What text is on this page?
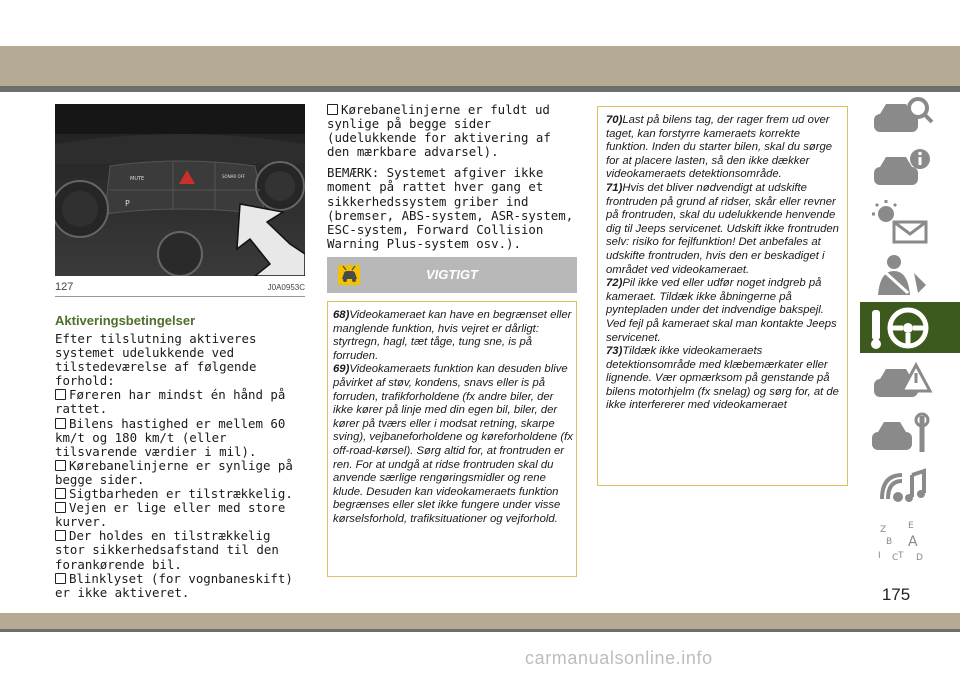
MUTE
P
SONAR OFF
127	J0A0953C
Aktiveringsbetingelser
Efter tilslutning aktiveres systemet udelukkende ved tilstedeværelse af følgende forhold:
Føreren har mindst én hånd på rattet.
Bilens hastighed er mellem 60 km/t og 180 km/t (eller tilsvarende værdier i mil).
Kørebanelinjerne er synlige på begge sider.
Sigtbarheden er tilstrækkelig.
Vejen er lige eller med store kurver.
Der holdes en tilstrækkelig stor sikkerhedsafstand til den forankørende bil.
Blinklyset (for vognbaneskift) er ikke aktiveret.
Kørebanelinjerne er fuldt ud synlige på begge sider (udelukkende for aktivering af den mærkbare advarsel).
BEMÆRK: Systemet afgiver ikke moment på rattet hver gang et sikkerhedssystem griber ind (bremser, ABS-system, ASR-system, ESC-system, Forward Collision Warning Plus-system osv.).
VIGTIGT
68)Videokameraet kan have en begrænset eller manglende funktion, hvis vejret er dårligt: styrtregn, hagl, tæt tåge, tung sne, is på forruden.
69)Videokameraets funktion kan desuden blive påvirket af støv, kondens, snavs eller is på forruden, trafikforholdene (fx andre biler, der ikke kører på linje med din egen bil, biler, der kører på tværs eller i modsat retning, skarpe sving), vejbaneforholdene og køreforholdene (fx off-road-kørsel). Sørg altid for, at frontruden er ren. For at undgå at ridse frontruden skal du anvende særlige rengøringsmidler og rene klude. Desuden kan videokameraets funktion begrænses eller slet ikke fungere under visse kørselsforhold, trafiksituationer og vejforhold.
70)Last på bilens tag, der rager frem ud over taget, kan forstyrre kameraets korrekte funktion. Inden du starter bilen, skal du sørge for at placere lasten, så den ikke dækker videokameraets detektionsområde.
71)Hvis det bliver nødvendigt at udskifte frontruden på grund af ridser, skår eller revner på frontruden, skal du udelukkende henvende dig til Jeeps servicenet. Udskift ikke frontruden selv: risiko for fejlfunktion! Det anbefales at udskifte frontruden, hvis den er beskadiget i området ved videokameraet.
72)Pil ikke ved eller udfør noget indgreb på kameraet. Tildæk ikke åbningerne på pyntepladen under det indvendige bakspejl. Ved fejl på kameraet skal man kontakte Jeeps servicenet.
73)Tildæk ikke videokameraets detektionsområde med klæbemærkater eller lignende. Vær opmærksom på genstande på bilens motorhjelm (fx snelag) og sørg for, at de ikke interfererer med videokameraet
Z E
B A
I C T D
175
carmanualsonline.info
